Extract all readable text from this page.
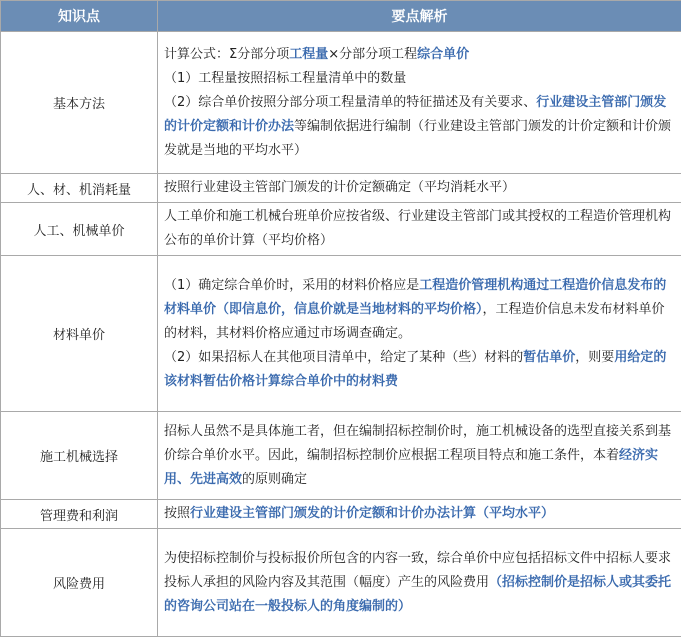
知识点	要点解析
基本方法	计算公式：Σ分部分项工程量×分部分项工程综合单价

（1）工程量按照招标工程量清单中的数量

（2）综合单价按照分部分项工程量清单的特征描述及有关要求、行业建设主管部门颁发的计价定额和计价办法等编制依据进行编制（行业建设主管部门颁发的计价定额和计价颁发就是当地的平均水平）

人、材、机消耗量	按照行业建设主管部门颁发的计价定额确定（平均消耗水平）

人工、机械单价	人工单价和施工机械台班单价应按省级、行业建设主管部门或其授权的工程造价管理机构公布的单价计算（平均价格）

材料单价	（1）确定综合单价时，采用的材料价格应是工程造价管理机构通过工程造价信息发布的材料单价（即信息价，信息价就是当地材料的平均价格），工程造价信息未发布材料单价的材料，其材料价格应通过市场调查确定。

（2）如果招标人在其他项目清单中，给定了某种（些）材料的暂估单价，则要用给定的该材料暂估价格计算综合单价中的材料费

施工机械选择	招标人虽然不是具体施工者，但在编制招标控制价时，施工机械设备的选型直接关系到基价综合单价水平。因此，编制招标控制价应根据工程项目特点和施工条件，本着经济实用、先进高效的原则确定

管理费和利润	按照行业建设主管部门颁发的计价定额和计价办法计算（平均水平）

风险费用	为使招标控制价与投标报价所包含的内容一致，综合单价中应包括招标文件中招标人要求投标人承担的风险内容及其范围（幅度）产生的风险费用（招标控制价是招标人或其委托的咨询公司站在一般投标人的角度编制的）
